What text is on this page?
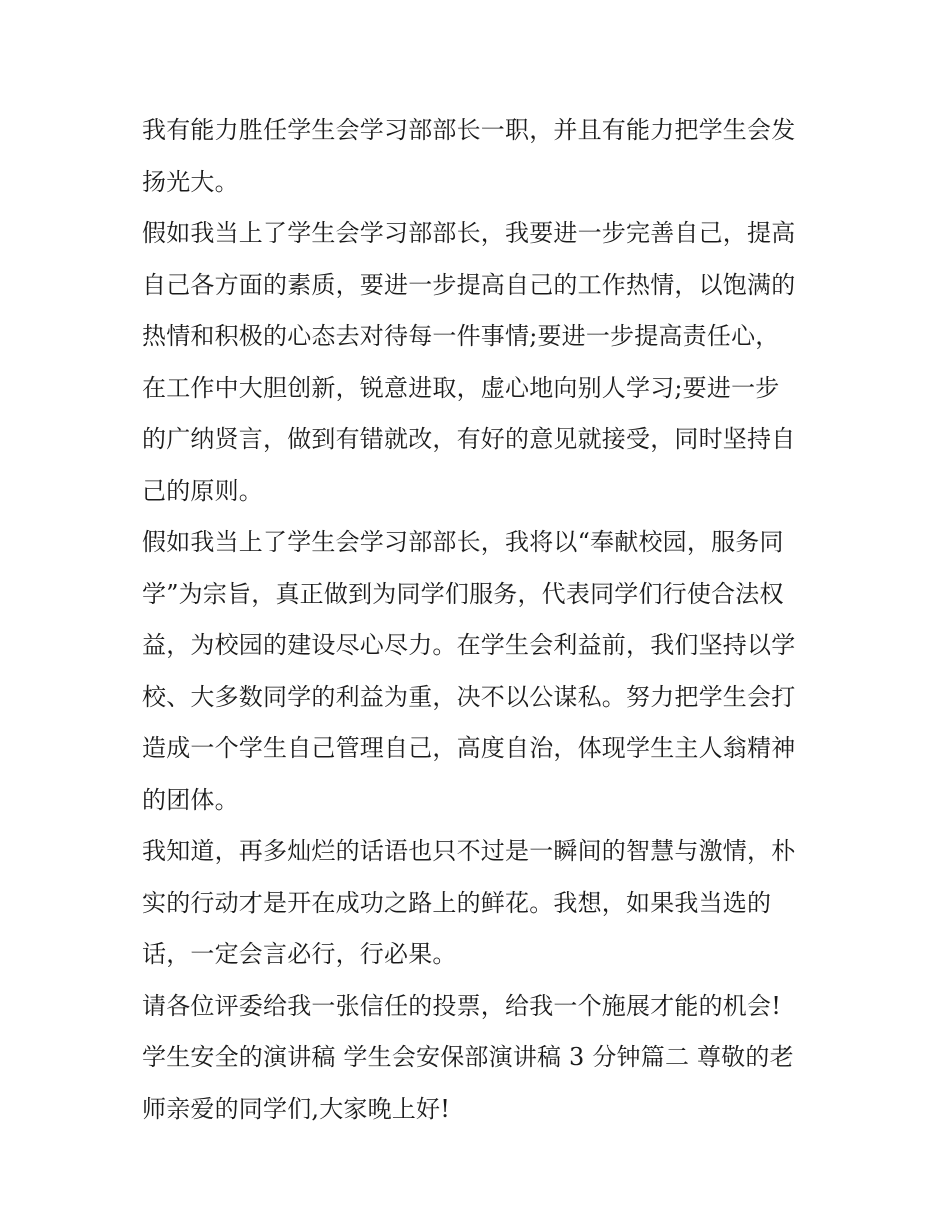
我有能力胜任学生会学习部部长一职，并且有能力把学生会发
扬光大。
假如我当上了学生会学习部部长，我要进一步完善自己，提高
自己各方面的素质，要进一步提高自己的工作热情，以饱满的
热情和积极的心态去对待每一件事情;要进一步提高责任心，
在工作中大胆创新，锐意进取，虚心地向别人学习;要进一步
的广纳贤言，做到有错就改，有好的意见就接受，同时坚持自
己的原则。
假如我当上了学生会学习部部长，我将以“奉献校园，服务同
学”为宗旨，真正做到为同学们服务，代表同学们行使合法权
益，为校园的建设尽心尽力。在学生会利益前，我们坚持以学
校、大多数同学的利益为重，决不以公谋私。努力把学生会打
造成一个学生自己管理自己，高度自治，体现学生主人翁精神
的团体。
我知道，再多灿烂的话语也只不过是一瞬间的智慧与激情，朴
实的行动才是开在成功之路上的鲜花。我想，如果我当选的
话，一定会言必行，行必果。
请各位评委给我一张信任的投票，给我一个施展才能的机会!
学生安全的演讲稿 学生会安保部演讲稿 3 分钟篇二 尊敬的老
师亲爱的同学们,大家晚上好!
